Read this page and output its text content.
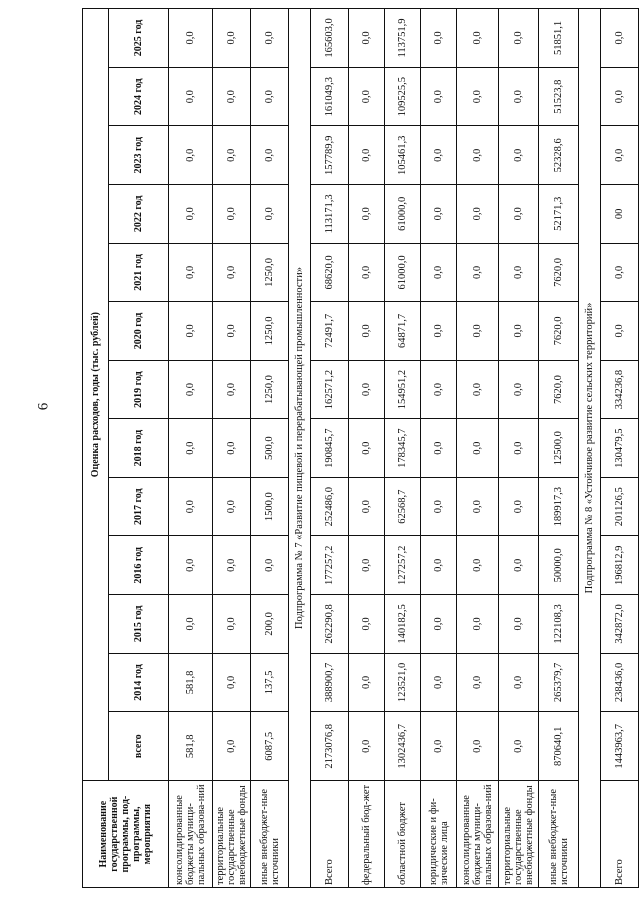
6
Наименование государственной программы, под-программы, мероприятия	Оценка расходов, годы (тыс. рублей)												
	всего	2014 год	2015 год	2016 год	2017 год	2018 год	2019 год	2020 год	2021 год	2022 год	2023 год	2024 год	2025 год
консолидированные бюджеты муници-пальных образова-ний	581,8	581,8	0,0	0,0	0,0	0,0	0,0	0,0	0,0	0,0	0,0	0,0	0,0
территориальные государственные внебюджетные фонды	0,0	0,0	0,0	0,0	0,0	0,0	0,0	0,0	0,0	0,0	0,0	0,0	0,0
иные внебюджет-ные источники	6087,5	137,5	200,0	0,0	1500,0	500,0	1250,0	1250,0	1250,0	0,0	0,0	0,0	0,0
Подпрограмма № 7 «Развитие пищевой и перерабатывающей промышленности»													
Всего	2173076,8	388900,7	262290,8	177257,2	252486,0	190845,7	162571,2	72491,7	68620,0	113171,3	157789,9	161049,3	165603,0
федеральный бюд-жет	0,0	0,0	0,0	0,0	0,0	0,0	0,0	0,0	0,0	0,0	0,0	0,0	0,0
областной бюджет	1302436,7	123521,0	140182,5	127257,2	62568,7	178345,7	154951,2	64871,7	61000,0	61000,0	105461,3	109525,5	113751,9
юридические и фи-зические лица	0,0	0,0	0,0	0,0	0,0	0,0	0,0	0,0	0,0	0,0	0,0	0,0	0,0
консолидированные бюджеты муници-пальных образова-ний	0,0	0,0	0,0	0,0	0,0	0,0	0,0	0,0	0,0	0,0	0,0	0,0	0,0
территориальные государственные внебюджетные фонды	0,0	0,0	0,0	0,0	0,0	0,0	0,0	0,0	0,0	0,0	0,0	0,0	0,0
иные внебюджет-ные источники	870640,1	265379,7	122108,3	50000,0	189917,3	12500,0	7620,0	7620,0	7620,0	52171,3	52328,6	51523,8	51851,1
Подпрограмма № 8 «Устойчивое развитие сельских территорий»													
Всего	1443963,7	238436,0	342872,0	196812,9	201126,5	130479,5	334236,8	0,0	0,0	00	0,0	0,0	0,0
